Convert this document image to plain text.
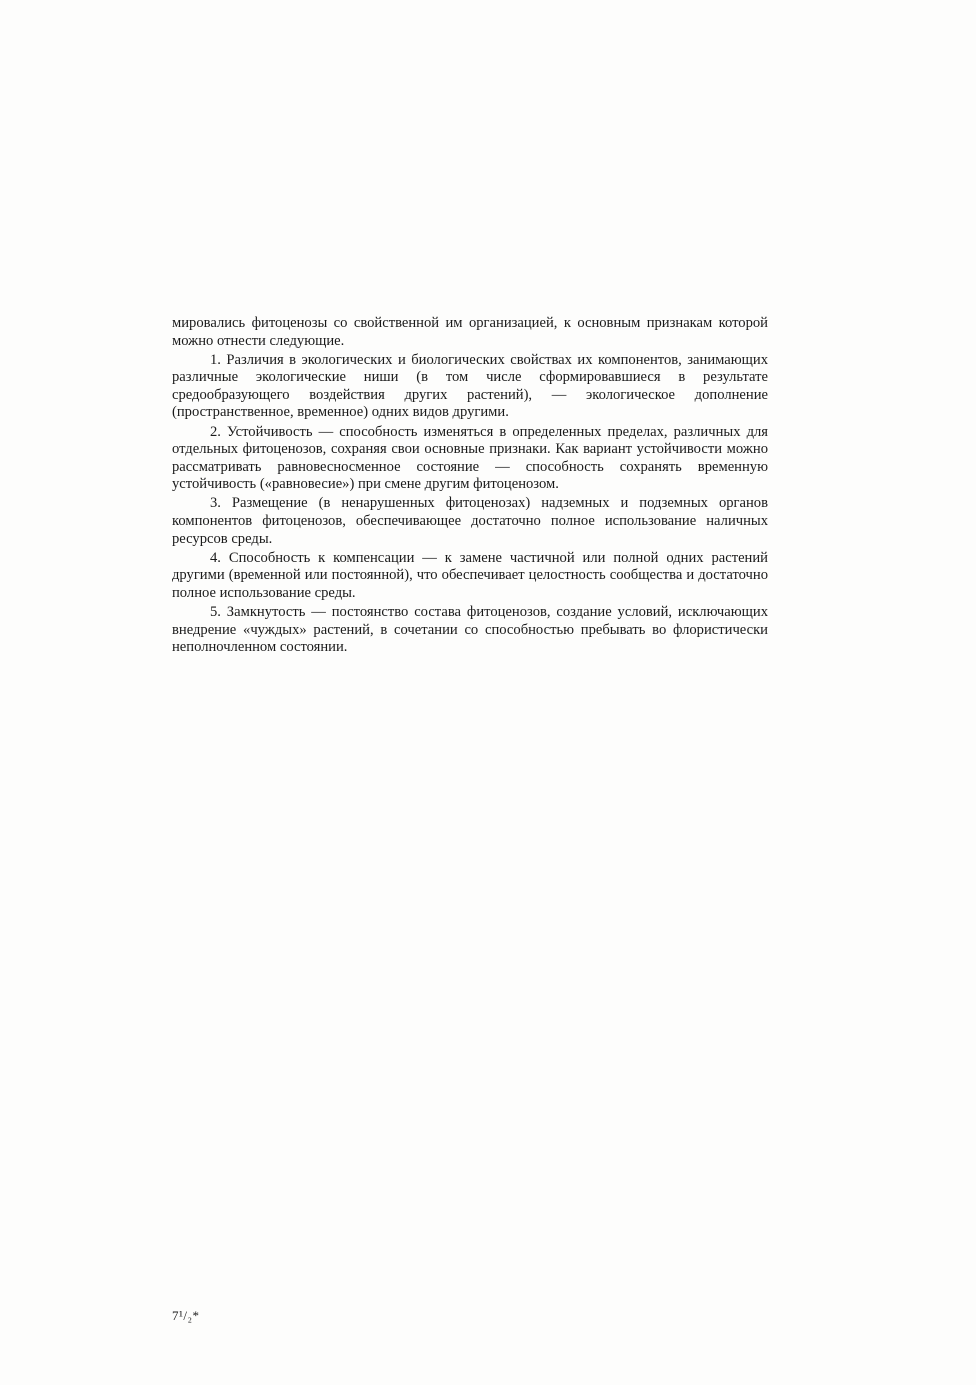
мировались фитоценозы со свойственной им организацией, к основным признакам которой можно отнести следующие.

1. Различия в экологических и биологических свойствах их компонентов, занимающих различные экологические ниши (в том числе сформировавшиеся в результате средообразующего воздействия других растений), — экологическое дополнение (пространственное, временное) одних видов другими.

2. Устойчивость — способность изменяться в определенных пределах, различных для отдельных фитоценозов, сохраняя свои основные признаки. Как вариант устойчивости можно рассматривать равновесносменное состояние — способность сохранять временную устойчивость («равновесие») при смене другим фитоценозом.

3. Размещение (в ненарушенных фитоценозах) надземных и подземных органов компонентов фитоценозов, обеспечивающее достаточно полное использование наличных ресурсов среды.

4. Способность к компенсации — к замене частичной или полной одних растений другими (временной или постоянной), что обеспечивает целостность сообщества и достаточно полное использование среды.

5. Замкнутость — постоянство состава фитоценозов, создание условий, исключающих внедрение «чуждых» растений, в сочетании со способностью пребывать во флористически неполночленном состоянии.

7¹/₂*
